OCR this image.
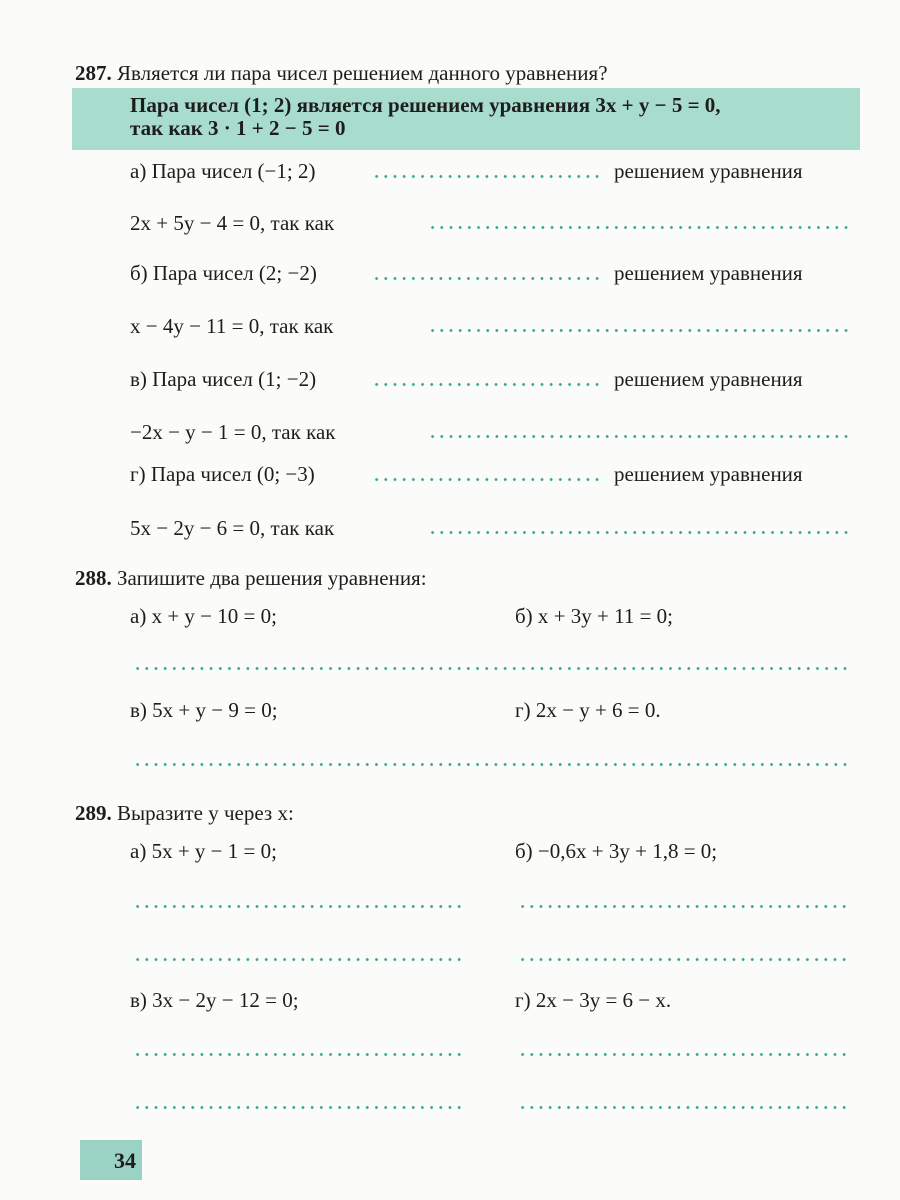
287. Является ли пара чисел решением данного уравнения?
Пара чисел (1; 2) является решением уравнения 3x + y − 5 = 0,
так как 3 · 1 + 2 − 5 = 0
а) Пара чисел (−1; 2)	решением уравнения
2x + 5y − 4 = 0, так как
б) Пара чисел (2; −2)	решением уравнения
x − 4y − 11 = 0, так как
в) Пара чисел (1; −2)	решением уравнения
−2x − y − 1 = 0, так как
г) Пара чисел (0; −3)	решением уравнения
5x − 2y − 6 = 0, так как
288. Запишите два решения уравнения:
а) x + y − 10 = 0;	б) x + 3y + 11 = 0;
в) 5x + y − 9 = 0;	г) 2x − y + 6 = 0.
289. Выразите y через x:
а) 5x + y − 1 = 0;	б) −0,6x + 3y + 1,8 = 0;
в) 3x − 2y − 12 = 0;	г) 2x − 3y = 6 − x.
34
